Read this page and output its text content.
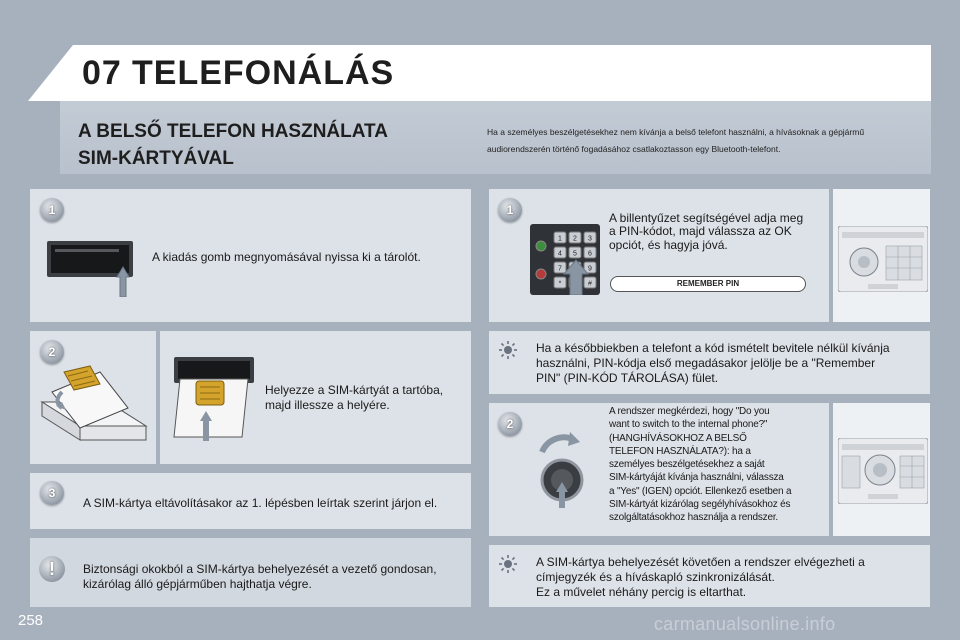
07 TELEFONÁLÁS
A BELSŐ TELEFON HASZNÁLATA
SIM-KÁRTYÁVAL
Ha a személyes beszélgetésekhez nem kívánja a belső telefont használni, a hívásoknak a gépjármű
audiorendszerén történő fogadásához csatlakoztasson egy Bluetooth-telefont.
1
A kiadás gomb megnyomásával nyissa ki a tárolót.
2
Helyezze a SIM-kártyát a tartóba,
majd illessze a helyére.
3
A SIM-kártya eltávolításakor az 1. lépésben leírtak szerint járjon el.
!	Biztonsági okokból a SIM-kártya behelyezését a vezető gondosan,
kizárólag álló gépjárműben hajthatja végre.
1
1 2 3
4 5 6
7	9
*	#
A billentyűzet segítségével adja meg
a PIN-kódot, majd válassza az OK
opciót, és hagyja jóvá.
REMEMBER PIN
Ha a későbbiekben a telefont a kód ismételt bevitele nélkül kívánja
használni, PIN-kódja első megadásakor jelölje be a "Remember
PIN" (PIN-KÓD TÁROLÁSA) fület.
2
A rendszer megkérdezi, hogy "Do you
want to switch to the internal phone?"
(HANGHÍVÁSOKHOZ A BELSŐ
TELEFON HASZNÁLATA?): ha a
személyes beszélgetésekhez a saját
SIM-kártyáját kívánja használni, válassza
a "Yes" (IGEN) opciót. Ellenkező esetben a
SIM-kártyát kizárólag segélyhívásokhoz és
szolgáltatásokhoz használja a rendszer.
A SIM-kártya behelyezését követően a rendszer elvégezheti a
címjegyzék és a híváskapló szinkronizálását.
Ez a művelet néhány percig is eltarthat.
258	carmanualsonline.info
